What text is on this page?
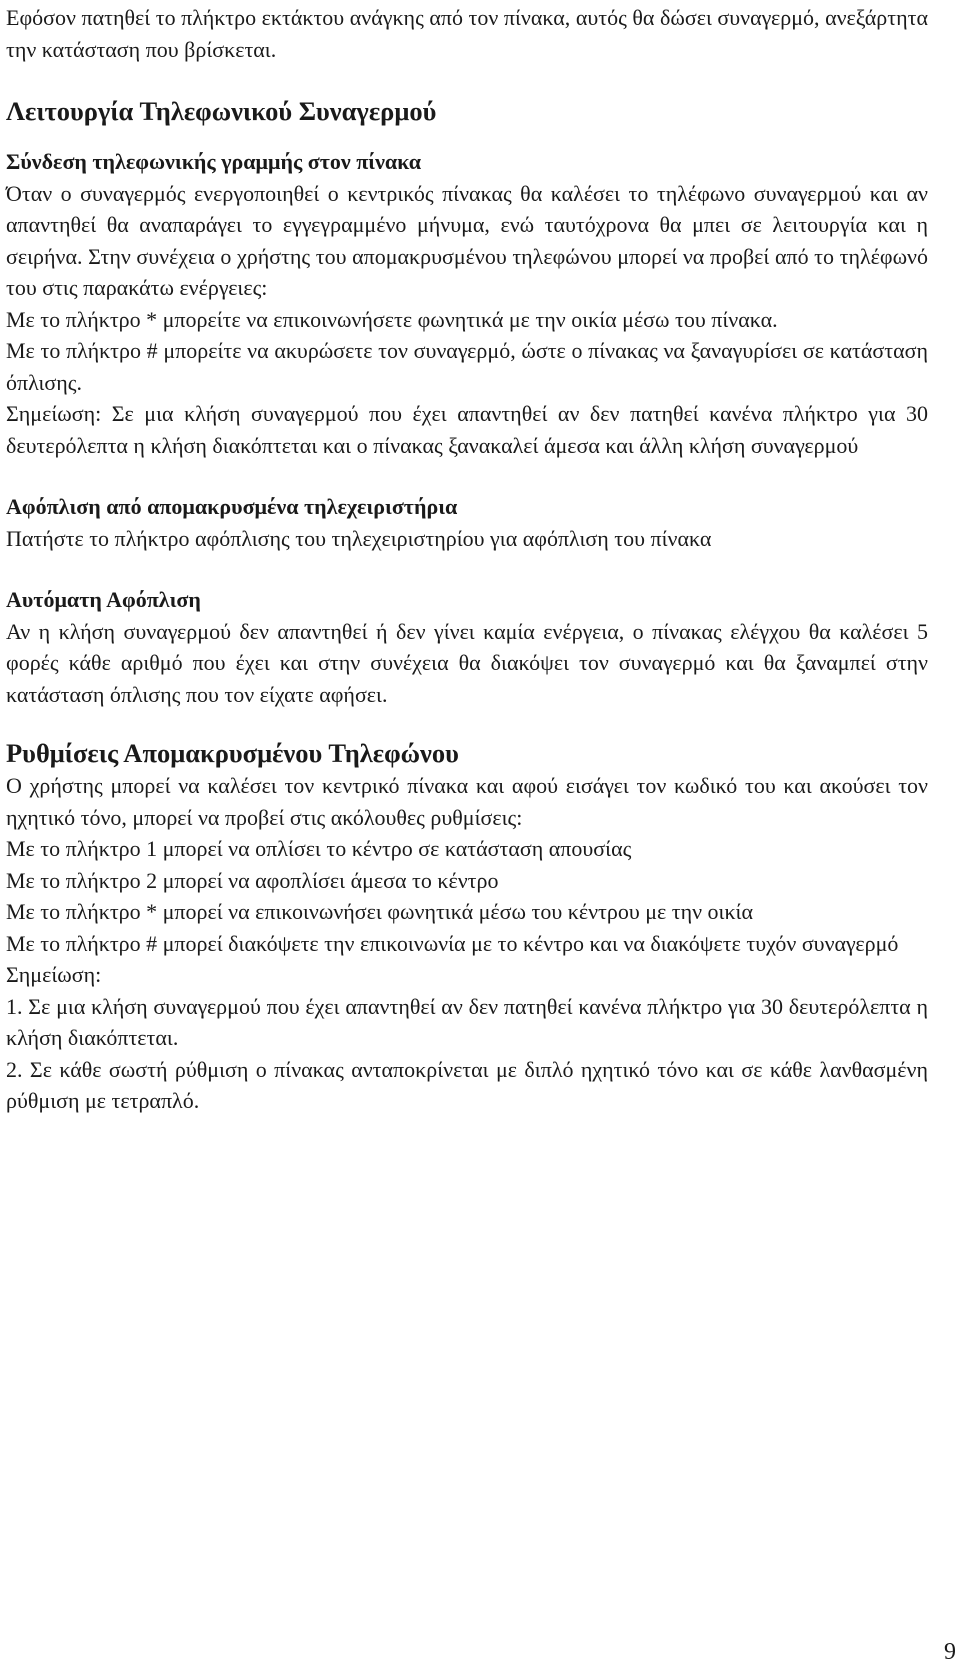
Εφόσον πατηθεί το πλήκτρο εκτάκτου ανάγκης από τον πίνακα, αυτός θα δώσει συναγερμό, ανεξάρτητα την κατάσταση που βρίσκεται.

Λειτουργία Τηλεφωνικού Συναγερμού
Σύνδεση τηλεφωνικής γραμμής στον πίνακα

Όταν ο συναγερμός ενεργοποιηθεί ο κεντρικός πίνακας θα καλέσει το τηλέφωνο συναγερμού και αν απαντηθεί θα αναπαράγει το εγγεγραμμένο μήνυμα, ενώ ταυτόχρονα θα μπει σε λειτουργία και η σειρήνα. Στην συνέχεια ο χρήστης του απομακρυσμένου τηλεφώνου μπορεί να προβεί από το τηλέφωνό του στις παρακάτω ενέργειες:

Με το πλήκτρο * μπορείτε να επικοινωνήσετε φωνητικά με την οικία μέσω του πίνακα.

Με το πλήκτρο # μπορείτε να ακυρώσετε τον συναγερμό, ώστε ο πίνακας να ξαναγυρίσει σε κατάσταση όπλισης.

Σημείωση: Σε μια κλήση συναγερμού που έχει απαντηθεί αν δεν πατηθεί κανένα πλήκτρο για 30 δευτερόλεπτα η κλήση διακόπτεται και ο πίνακας ξανακαλεί άμεσα και άλλη κλήση συναγερμού

Αφόπλιση από απομακρυσμένα τηλεχειριστήρια

Πατήστε το πλήκτρο αφόπλισης του τηλεχειριστηρίου για αφόπλιση του πίνακα

Αυτόματη Αφόπλιση

Αν η κλήση συναγερμού δεν απαντηθεί ή δεν γίνει καμία ενέργεια, ο πίνακας ελέγχου θα καλέσει 5 φορές κάθε αριθμό που έχει και στην συνέχεια θα διακόψει τον συναγερμό και θα ξαναμπεί στην κατάσταση όπλισης που τον είχατε αφήσει.

Ρυθμίσεις Απομακρυσμένου Τηλεφώνου

Ο χρήστης μπορεί να καλέσει τον κεντρικό πίνακα και αφού εισάγει τον κωδικό του και ακούσει τον ηχητικό τόνο, μπορεί να προβεί στις ακόλουθες ρυθμίσεις:

Με το πλήκτρο 1 μπορεί να οπλίσει το κέντρο σε κατάσταση απουσίας

Με το πλήκτρο 2 μπορεί να αφοπλίσει άμεσα το κέντρο

Με το πλήκτρο * μπορεί να επικοινωνήσει φωνητικά μέσω του κέντρου με την οικία

Με το πλήκτρο # μπορεί διακόψετε την επικοινωνία με το κέντρο και να διακόψετε τυχόν συναγερμό

Σημείωση:

1. Σε μια κλήση συναγερμού που έχει απαντηθεί αν δεν πατηθεί κανένα πλήκτρο για 30 δευτερόλεπτα η κλήση διακόπτεται.

2. Σε κάθε σωστή ρύθμιση ο πίνακας ανταποκρίνεται με διπλό ηχητικό τόνο και σε κάθε λανθασμένη ρύθμιση με τετραπλό.

9
